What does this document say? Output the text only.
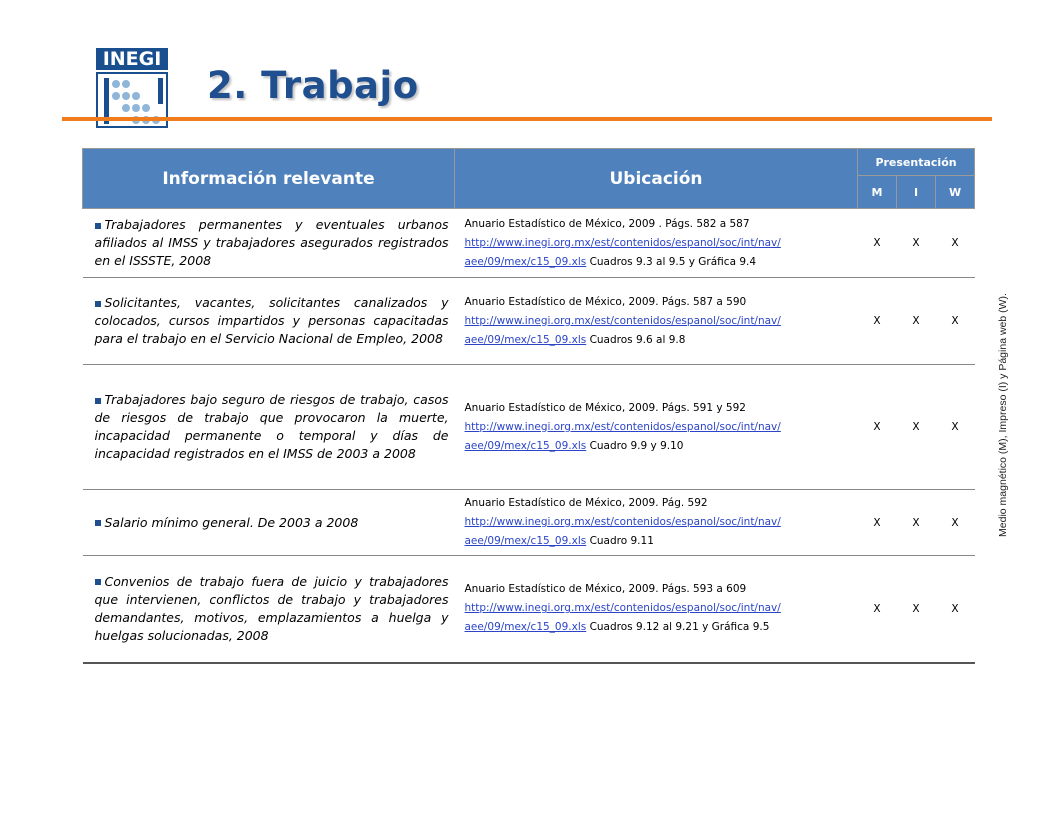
INEGI
2. Trabajo
Información relevante	Ubicación	Presentación		
		M	I	W
Trabajadores permanentes y eventuales urbanos afiliados al IMSS y trabajadores asegurados registrados en el ISSSTE, 2008	Anuario Estadístico de México, 2009 . Págs. 582 a 587
http://www.inegi.org.mx/est/contenidos/espanol/soc/int/nav/
aee/09/mex/c15_09.xls Cuadros 9.3 al 9.5 y Gráfica 9.4	X	X	X
Solicitantes, vacantes, solicitantes canalizados y colocados, cursos impartidos y personas capacitadas para el trabajo en el Servicio Nacional de Empleo, 2008	Anuario Estadístico de México, 2009. Págs. 587 a 590
http://www.inegi.org.mx/est/contenidos/espanol/soc/int/nav/
aee/09/mex/c15_09.xls Cuadros 9.6 al 9.8	X	X	X
Trabajadores bajo seguro de riesgos de trabajo, casos de riesgos de trabajo que provocaron la muerte, incapacidad permanente o temporal y días de incapacidad registrados en el IMSS de 2003 a 2008	Anuario Estadístico de México, 2009. Págs. 591 y 592
http://www.inegi.org.mx/est/contenidos/espanol/soc/int/nav/
aee/09/mex/c15_09.xls Cuadro 9.9 y 9.10	X	X	X
Salario mínimo general. De 2003 a 2008	Anuario Estadístico de México, 2009. Pág. 592
http://www.inegi.org.mx/est/contenidos/espanol/soc/int/nav/
aee/09/mex/c15_09.xls Cuadro 9.11	X	X	X
Convenios de trabajo fuera de juicio y trabajadores que intervienen, conflictos de trabajo y trabajadores demandantes, motivos, emplazamientos a huelga y huelgas solucionadas, 2008	Anuario Estadístico de México, 2009. Págs. 593 a 609
http://www.inegi.org.mx/est/contenidos/espanol/soc/int/nav/
aee/09/mex/c15_09.xls Cuadros 9.12 al 9.21 y Gráfica 9.5	X	X	X
Medio magnético (M), Impreso (I) y Página web (W).
